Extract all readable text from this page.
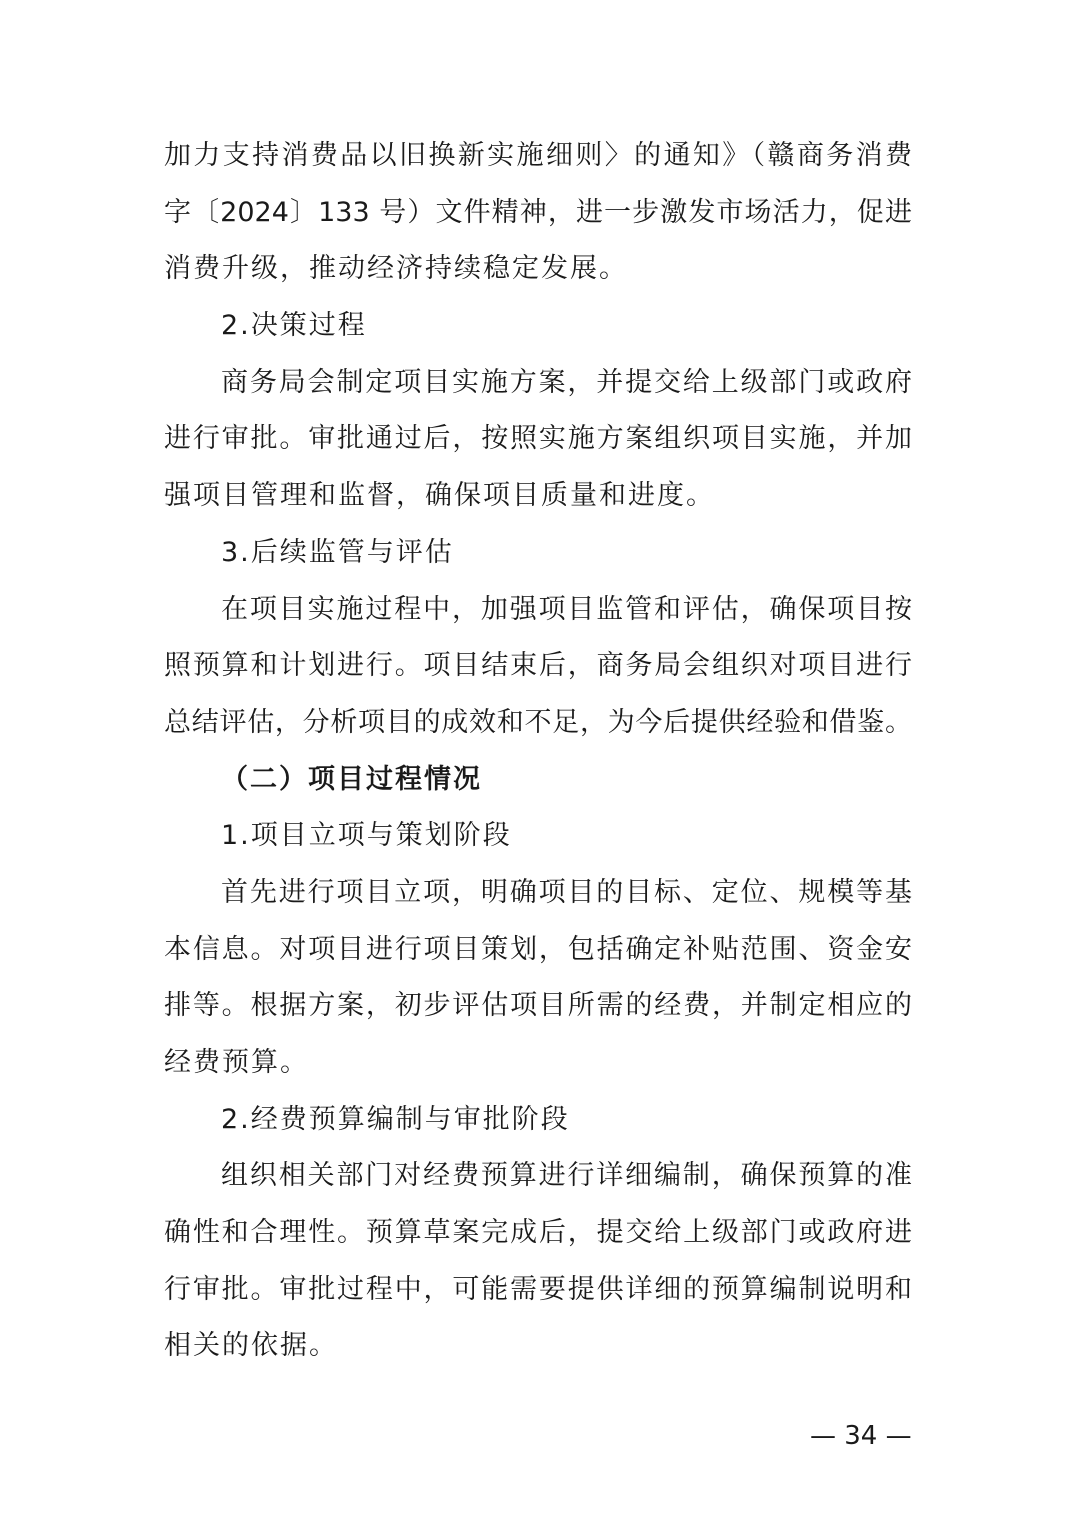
加力支持消费品以旧换新实施细则〉的通知》（赣商务消费
字〔2024〕133 号）文件精神，进一步激发市场活力，促进
消费升级，推动经济持续稳定发展。
2.决策过程
商务局会制定项目实施方案，并提交给上级部门或政府
进行审批。审批通过后，按照实施方案组织项目实施，并加
强项目管理和监督，确保项目质量和进度。
3.后续监管与评估
在项目实施过程中，加强项目监管和评估，确保项目按
照预算和计划进行。项目结束后，商务局会组织对项目进行
总结评估，分析项目的成效和不足，为今后提供经验和借鉴。
（二）项目过程情况
1.项目立项与策划阶段
首先进行项目立项，明确项目的目标、定位、规模等基
本信息。对项目进行项目策划，包括确定补贴范围、资金安
排等。根据方案，初步评估项目所需的经费，并制定相应的
经费预算。
2.经费预算编制与审批阶段
组织相关部门对经费预算进行详细编制，确保预算的准
确性和合理性。预算草案完成后，提交给上级部门或政府进
行审批。审批过程中，可能需要提供详细的预算编制说明和
相关的依据。
— 34 —
